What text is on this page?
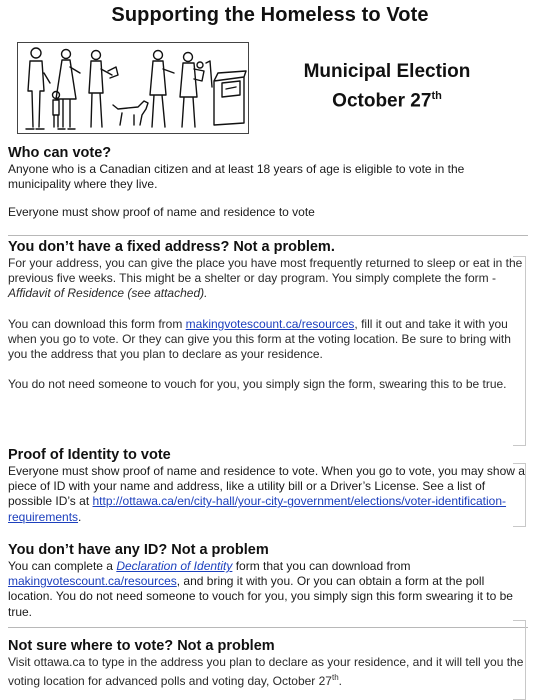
Supporting the Homeless to Vote
Municipal Election
October 27th
Who can vote?

Anyone who is a Canadian citizen and at least 18 years of age is eligible to vote in the municipality where they live.

Everyone must show proof of name and residence to vote

You don’t have a fixed address? Not a problem.

For your address, you can give the place you have most frequently returned to sleep or eat in the previous five weeks. This might be a shelter or day program. You simply complete the form - Affidavit of Residence (see attached).

You can download this form from makingvotescount.ca/resources, fill it out and take it with you when you go to vote. Or they can give you this form at the voting location. Be sure to bring with you the address that you plan to declare as your residence.

You do not need someone to vouch for you, you simply sign the form, swearing this to be true.

Proof of Identity to vote

Everyone must show proof of name and residence to vote. When you go to vote, you may show a piece of ID with your name and address, like a utility bill or a Driver’s License. See a list of possible ID’s at http://ottawa.ca/en/city-hall/your-city-government/elections/voter-identification-requirements.

You don’t have any ID? Not a problem

You can complete a Declaration of Identity form that you can download from makingvotescount.ca/resources, and bring it with you. Or you can obtain a form at the poll location. You do not need someone to vouch for you, you simply sign this form swearing it to be true.

Not sure where to vote? Not a problem

Visit ottawa.ca to type in the address you plan to declare as your residence, and it will tell you the voting location for advanced polls and voting day, October 27th.
